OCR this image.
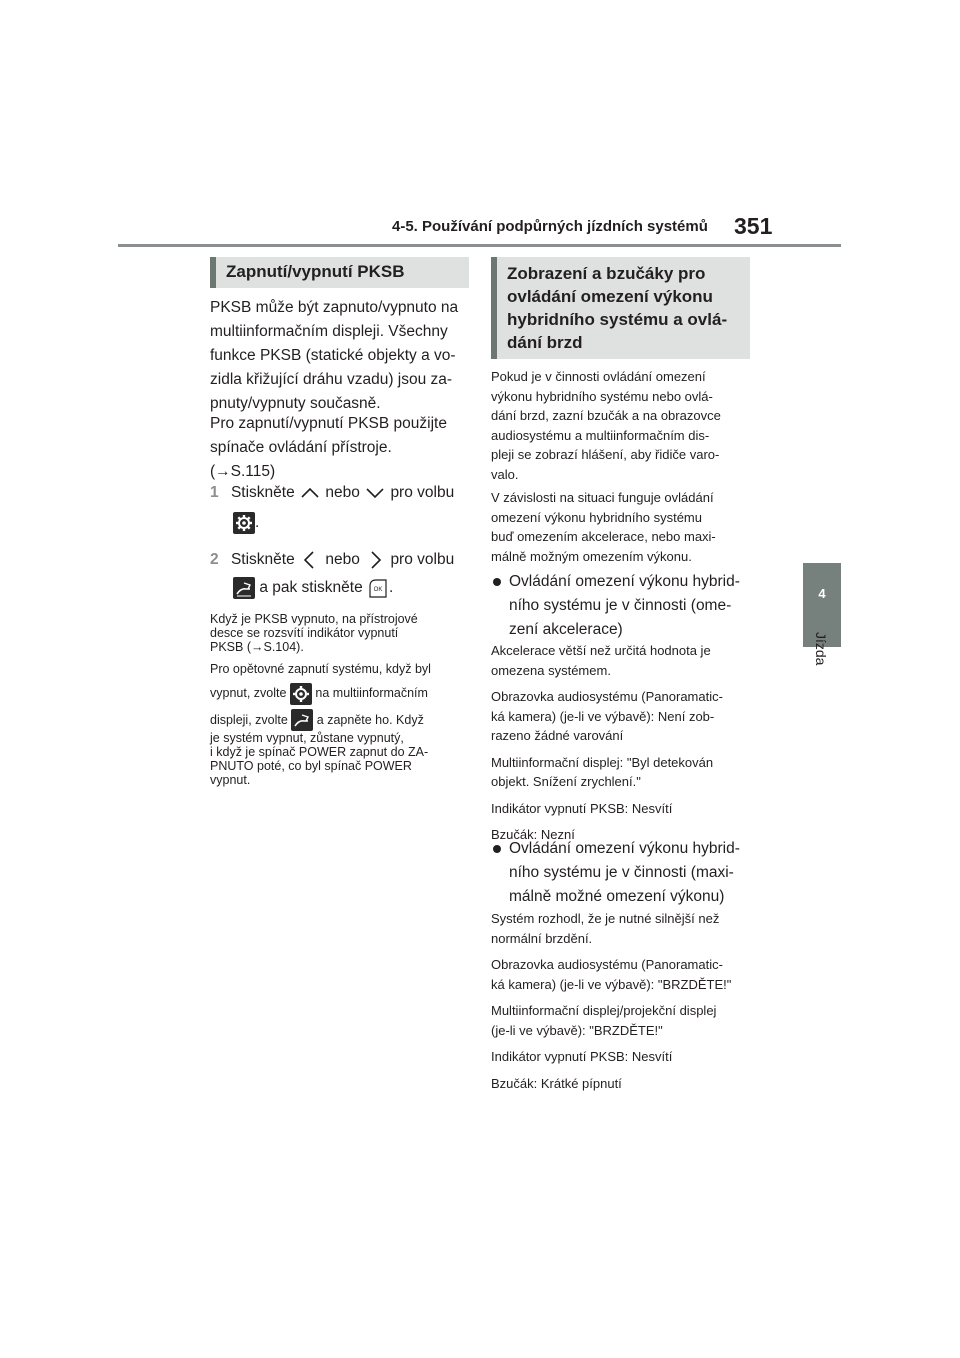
4-5. Používání podpůrných jízdních systémů 351
4
Jízda
Zapnutí/vypnutí PKSB

PKSB může být zapnuto/vypnuto na

multiinformačním displeji. Všechny

funkce PKSB (statické objekty a vo-

zidla křižující dráhu vzadu) jsou za-

pnuty/vypnuty současně.

Pro zapnutí/vypnutí PKSB použijte

spínače ovládání přístroje.

(→S.115)

1 Stiskněte nebo pro volbu
.
2 Stiskněte nebo pro volbu
a pak stiskněte OK .

Když je PKSB vypnuto, na přístrojové

desce se rozsvítí indikátor vypnutí

PKSB (→S.104).

Pro opětovné zapnutí systému, když byl

vypnut, zvolte na multiinformačním
displeji, zvolte a zapněte ho. Když

je systém vypnut, zůstane vypnutý,

i když je spínač POWER zapnut do ZA-

PNUTO poté, co byl spínač POWER

vypnut.

Zobrazení a bzučáky pro
ovládání omezení výkonu
hybridního systému a ovlá-
dání brzd

Pokud je v činnosti ovládání omezení

výkonu hybridního systému nebo ovlá-

dání brzd, zazní bzučák a na obrazovce

audiosystému a multiinformačním dis-

pleji se zobrazí hlášení, aby řidiče varo-

valo.

V závislosti na situaci funguje ovládání

omezení výkonu hybridního systému

buď omezením akcelerace, nebo maxi-

málně možným omezením výkonu.

Ovládání omezení výkonu hybrid-
ního systému je v činnosti (ome-
zení akcelerace)

Akcelerace větší než určitá hodnota je

omezena systémem.

Obrazovka audiosystému (Panoramatic-

ká kamera) (je-li ve výbavě): Není zob-

razeno žádné varování

Multiinformační displej: "Byl detekován

objekt. Snížení zrychlení."

Indikátor vypnutí PKSB: Nesvítí

Bzučák: Nezní

Ovládání omezení výkonu hybrid-
ního systému je v činnosti (maxi-
málně možné omezení výkonu)

Systém rozhodl, že je nutné silnější než

normální brzdění.

Obrazovka audiosystému (Panoramatic-

ká kamera) (je-li ve výbavě): "BRZDĚTE!"

Multiinformační displej/projekční displej

(je-li ve výbavě): "BRZDĚTE!"

Indikátor vypnutí PKSB: Nesvítí

Bzučák: Krátké pípnutí
